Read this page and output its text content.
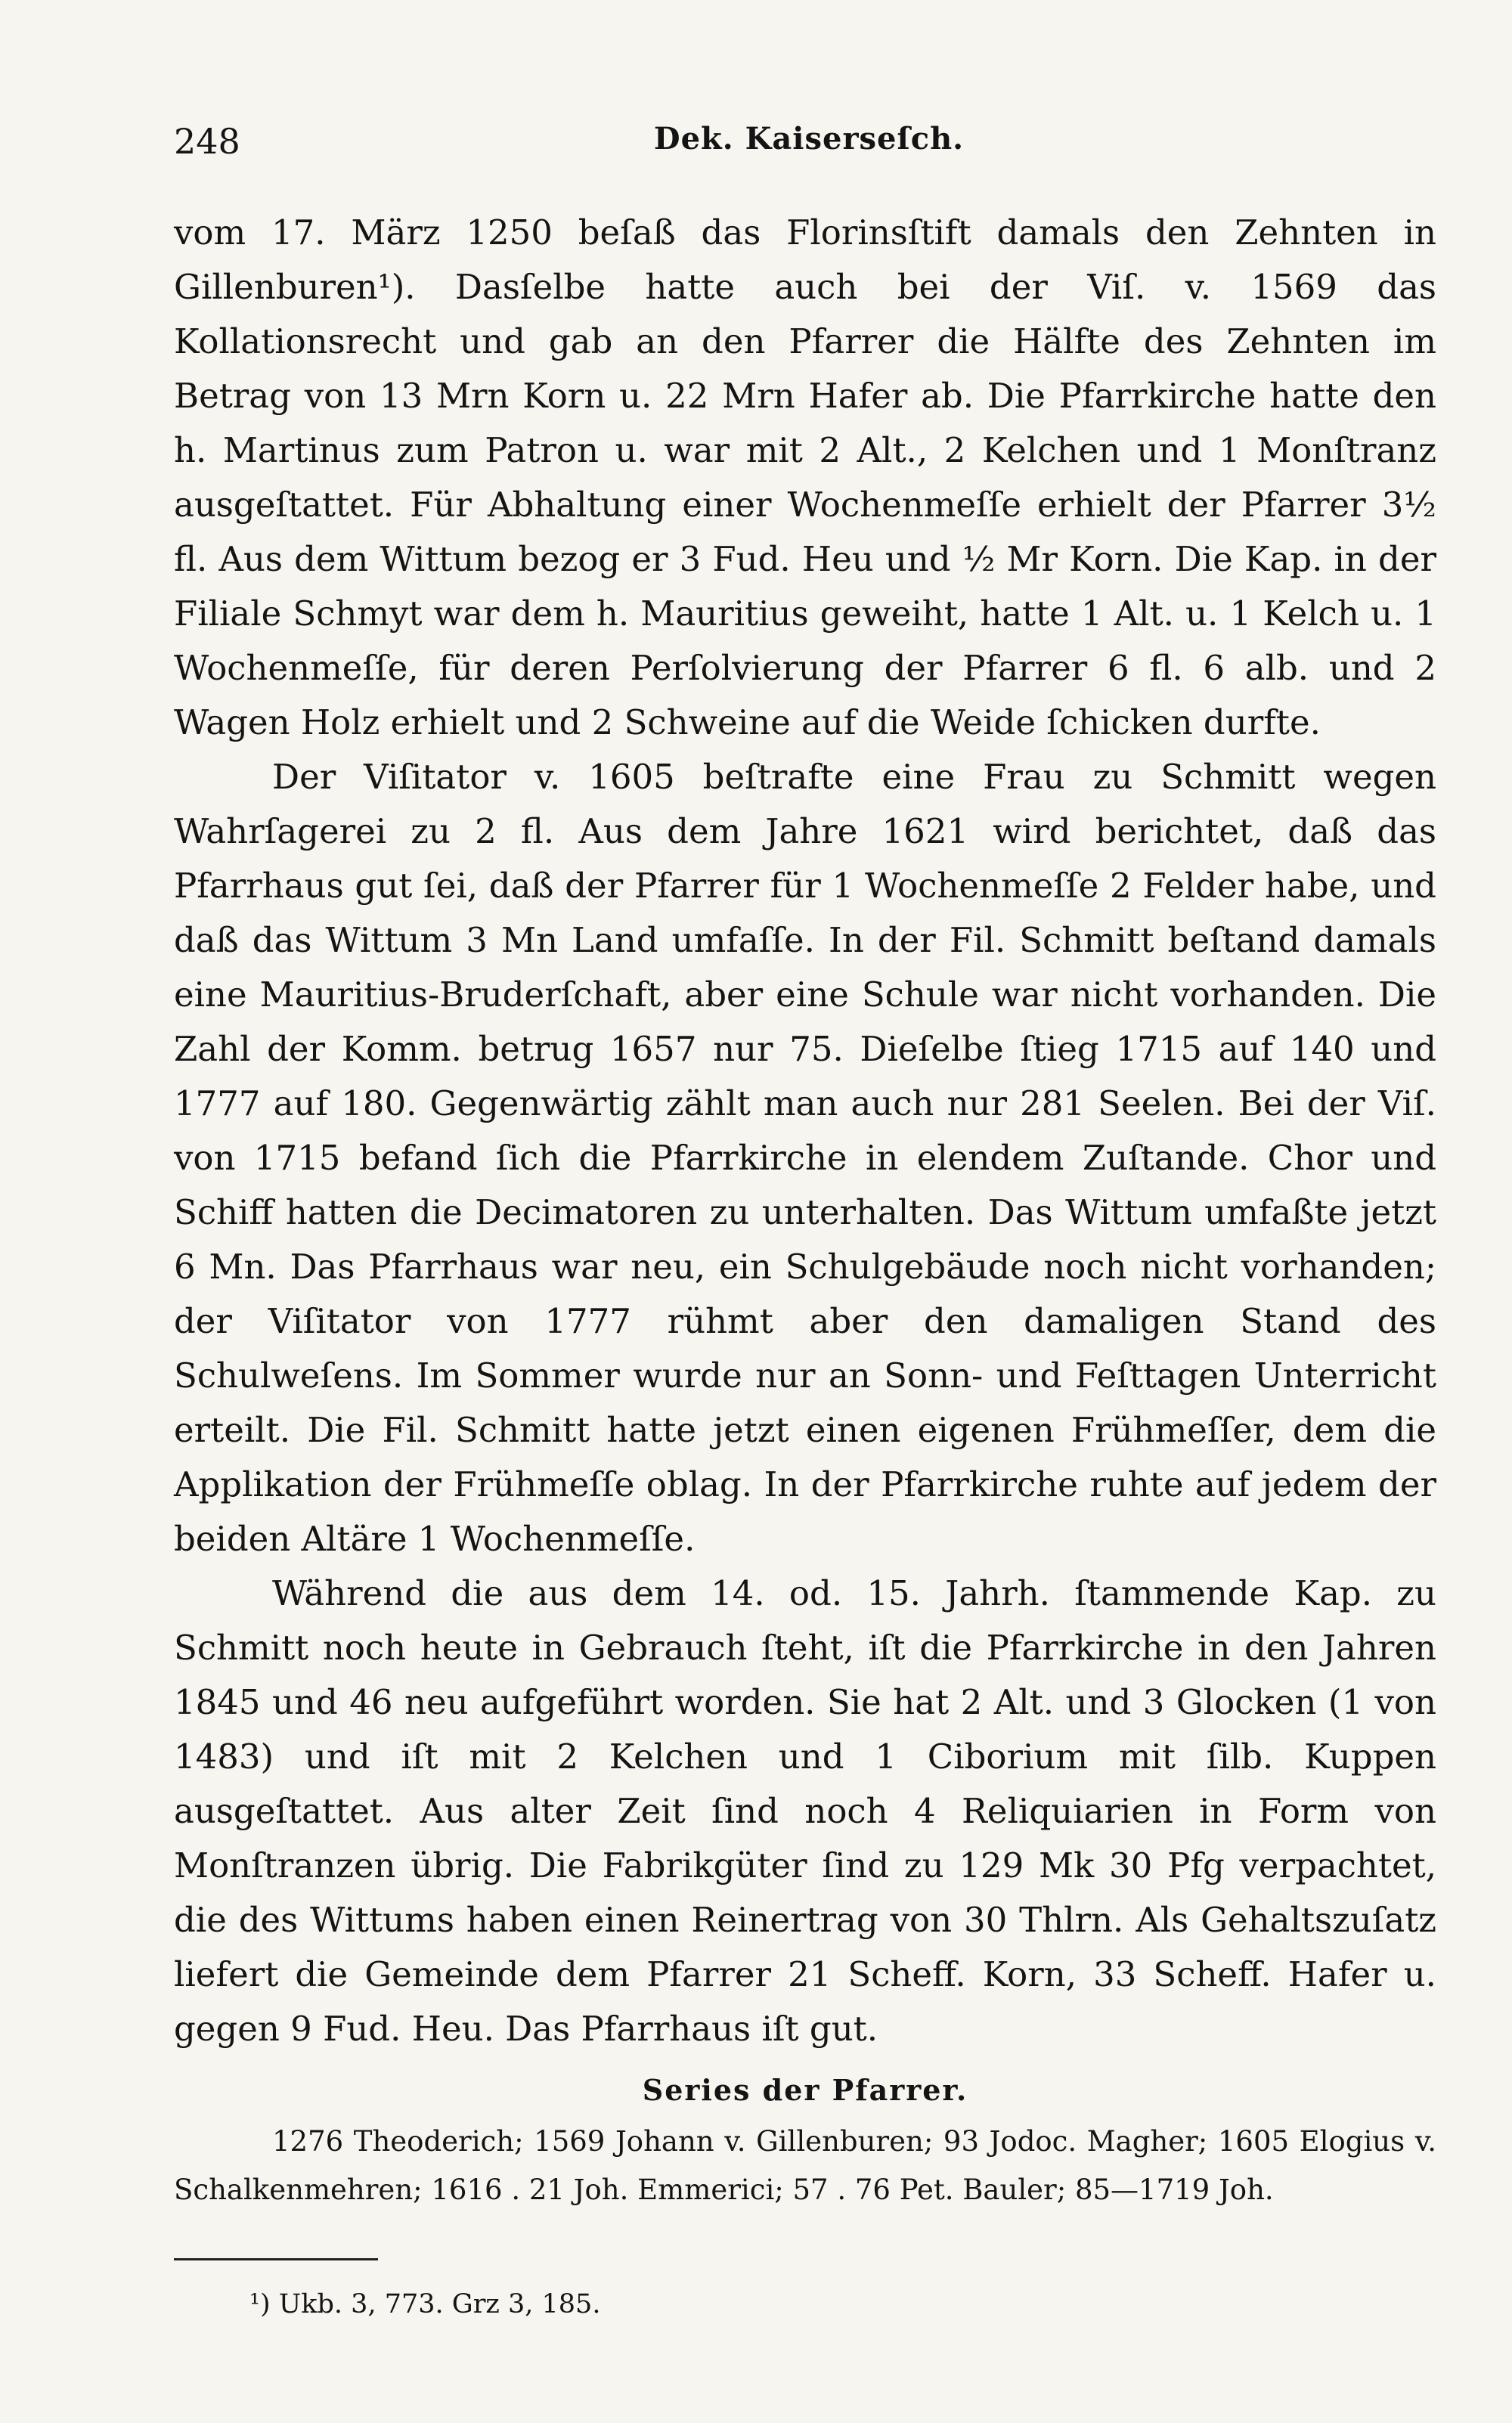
248	Dek. Kaiserseſch.

vom 17. März 1250 beſaß das Florinsſtift damals den Zehnten in Gillenburen¹). Dasſelbe hatte auch bei der Viſ. v. 1569 das Kollationsrecht und gab an den Pfarrer die Hälfte des Zehnten im Betrag von 13 Mrn Korn u. 22 Mrn Hafer ab. Die Pfarrkirche hatte den h. Martinus zum Patron u. war mit 2 Alt., 2 Kelchen und 1 Monſtranz ausgeſtattet. Für Abhaltung einer Wochenmeſſe erhielt der Pfarrer 3½ fl. Aus dem Wittum bezog er 3 Fud. Heu und ½ Mr Korn. Die Kap. in der Filiale Schmyt war dem h. Mauritius geweiht, hatte 1 Alt. u. 1 Kelch u. 1 Wochenmeſſe, für deren Perſolvierung der Pfarrer 6 fl. 6 alb. und 2 Wagen Holz erhielt und 2 Schweine auf die Weide ſchicken durfte.

Der Viſitator v. 1605 beſtrafte eine Frau zu Schmitt wegen Wahrſagerei zu 2 fl. Aus dem Jahre 1621 wird berichtet, daß das Pfarrhaus gut ſei, daß der Pfarrer für 1 Wochenmeſſe 2 Felder habe, und daß das Wittum 3 Mn Land umfaſſe. In der Fil. Schmitt beſtand damals eine Mauritius-Bruderſchaft, aber eine Schule war nicht vorhanden. Die Zahl der Komm. betrug 1657 nur 75. Dieſelbe ſtieg 1715 auf 140 und 1777 auf 180. Gegenwärtig zählt man auch nur 281 Seelen. Bei der Viſ. von 1715 befand ſich die Pfarrkirche in elendem Zuſtande. Chor und Schiff hatten die Decimatoren zu unterhalten. Das Wittum umfaßte jetzt 6 Mn. Das Pfarrhaus war neu, ein Schulgebäude noch nicht vorhanden; der Viſitator von 1777 rühmt aber den damaligen Stand des Schulweſens. Im Sommer wurde nur an Sonn- und Feſttagen Unterricht erteilt. Die Fil. Schmitt hatte jetzt einen eigenen Frühmeſſer, dem die Applikation der Frühmeſſe oblag. In der Pfarrkirche ruhte auf jedem der beiden Altäre 1 Wochenmeſſe.

Während die aus dem 14. od. 15. Jahrh. ſtammende Kap. zu Schmitt noch heute in Gebrauch ſteht, iſt die Pfarrkirche in den Jahren 1845 und 46 neu aufgeführt worden. Sie hat 2 Alt. und 3 Glocken (1 von 1483) und iſt mit 2 Kelchen und 1 Ciborium mit ſilb. Kuppen ausgeſtattet. Aus alter Zeit ſind noch 4 Reliquiarien in Form von Monſtranzen übrig. Die Fabrikgüter ſind zu 129 Mk 30 Pfg verpachtet, die des Wittums haben einen Reinertrag von 30 Thlrn. Als Gehaltszuſatz liefert die Gemeinde dem Pfarrer 21 Scheff. Korn, 33 Scheff. Hafer u. gegen 9 Fud. Heu. Das Pfarrhaus iſt gut.

Series der Pfarrer.

1276 Theoderich; 1569 Johann v. Gillenburen; 93 Jodoc. Magher; 1605 Elogius v. Schalkenmehren; 1616 . 21 Joh. Emmerici; 57 . 76 Pet. Bauler; 85—1719 Joh.

¹) Ukb. 3, 773. Grz 3, 185.
